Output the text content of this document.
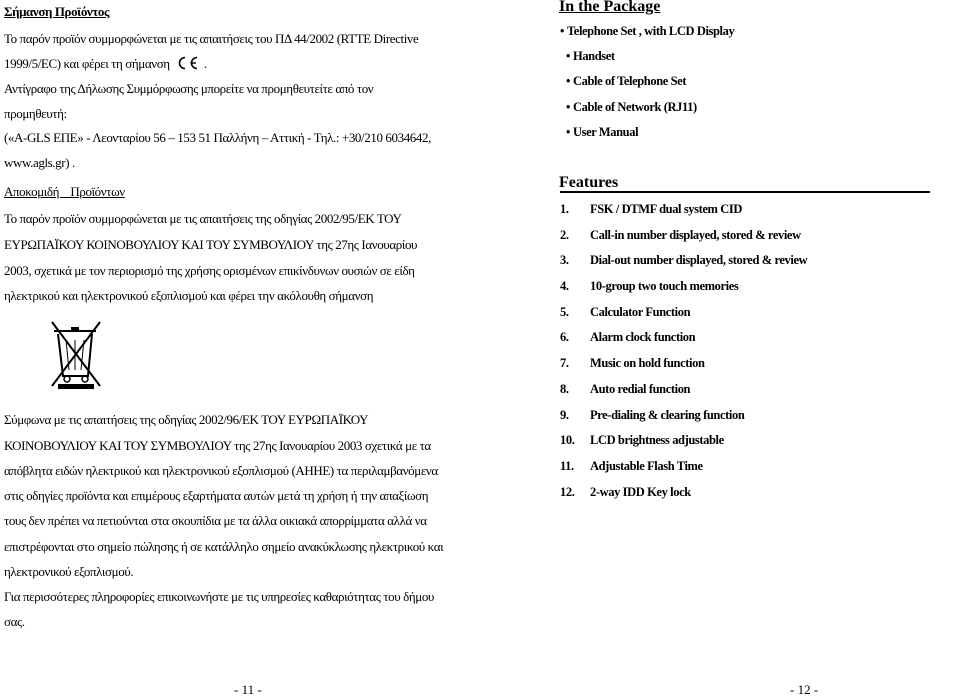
Σήμανση Προϊόντος
Το παρόν προϊόν συμμορφώνεται με τις απαιτήσεις του ΠΔ 44/2002 (RTTE Directive
1999/5/EC) και φέρει τη σήμανση	.
Αντίγραφο της Δήλωσης Συμμόρφωσης μπορείτε να προμηθευτείτε από τον
προμηθευτή:
(«A-GLS ΕΠΕ» - Λεονταρίου 56 – 153 51 Παλλήνη – Αττική - Τηλ.: +30/210 6034642,
www.agls.gr) .
Αποκομιδή    Προϊόντων
Το παρόν προϊόν συμμορφώνεται με τις απαιτήσεις της οδηγίας 2002/95/ΕΚ ΤΟΥ
ΕΥΡΩΠΑΪΚΟΥ ΚΟΙΝΟΒΟΥΛΙΟΥ ΚΑΙ ΤΟΥ ΣΥΜΒΟΥΛΙΟΥ της 27ης Ιανουαρίου
2003, σχετικά με τον περιορισμό της χρήσης ορισμένων επικίνδυνων ουσιών σε είδη
ηλεκτρικού και ηλεκτρονικού εξοπλισμού και φέρει την ακόλουθη σήμανση
Σύμφωνα με τις απαιτήσεις της οδηγίας 2002/96/ΕΚ ΤΟΥ ΕΥΡΩΠΑΪΚΟΥ
ΚΟΙΝΟΒΟΥΛΙΟΥ ΚΑΙ ΤΟΥ ΣΥΜΒΟΥΛΙΟΥ της 27ης Ιανουαρίου 2003 σχετικά με τα
απόβλητα ειδών ηλεκτρικού και ηλεκτρονικού εξοπλισμού (ΑΗΗΕ) τα περιλαμβανόμενα
στις οδηγίες προϊόντα και επιμέρους εξαρτήματα αυτών μετά τη χρήση ή την απαξίωση
τους δεν πρέπει να πετιούνται στα σκουπίδια με τα άλλα οικιακά απορρίμματα αλλά να
επιστρέφονται στο σημείο πώλησης ή σε κατάλληλο σημείο ανακύκλωσης ηλεκτρικού και
ηλεκτρονικού εξοπλισμού.
Για περισσότερες πληροφορίες επικοινωνήστε με τις υπηρεσίες καθαριότητας του δήμου
σας.
- 11 -
In the Package
• Telephone Set , with LCD Display
• Handset
• Cable of Telephone Set
• Cable of Network (RJ11)
• User Manual
Features
1. FSK / DTMF dual system CID
2. Call-in number displayed, stored & review
3. Dial-out number displayed, stored & review
4. 10-group two touch memories
5. Calculator Function
6. Alarm clock function
7. Music on hold function
8. Auto redial function
9. Pre-dialing & clearing function
10. LCD brightness adjustable
11. Adjustable Flash Time
12. 2-way IDD Key lock
- 12 -
